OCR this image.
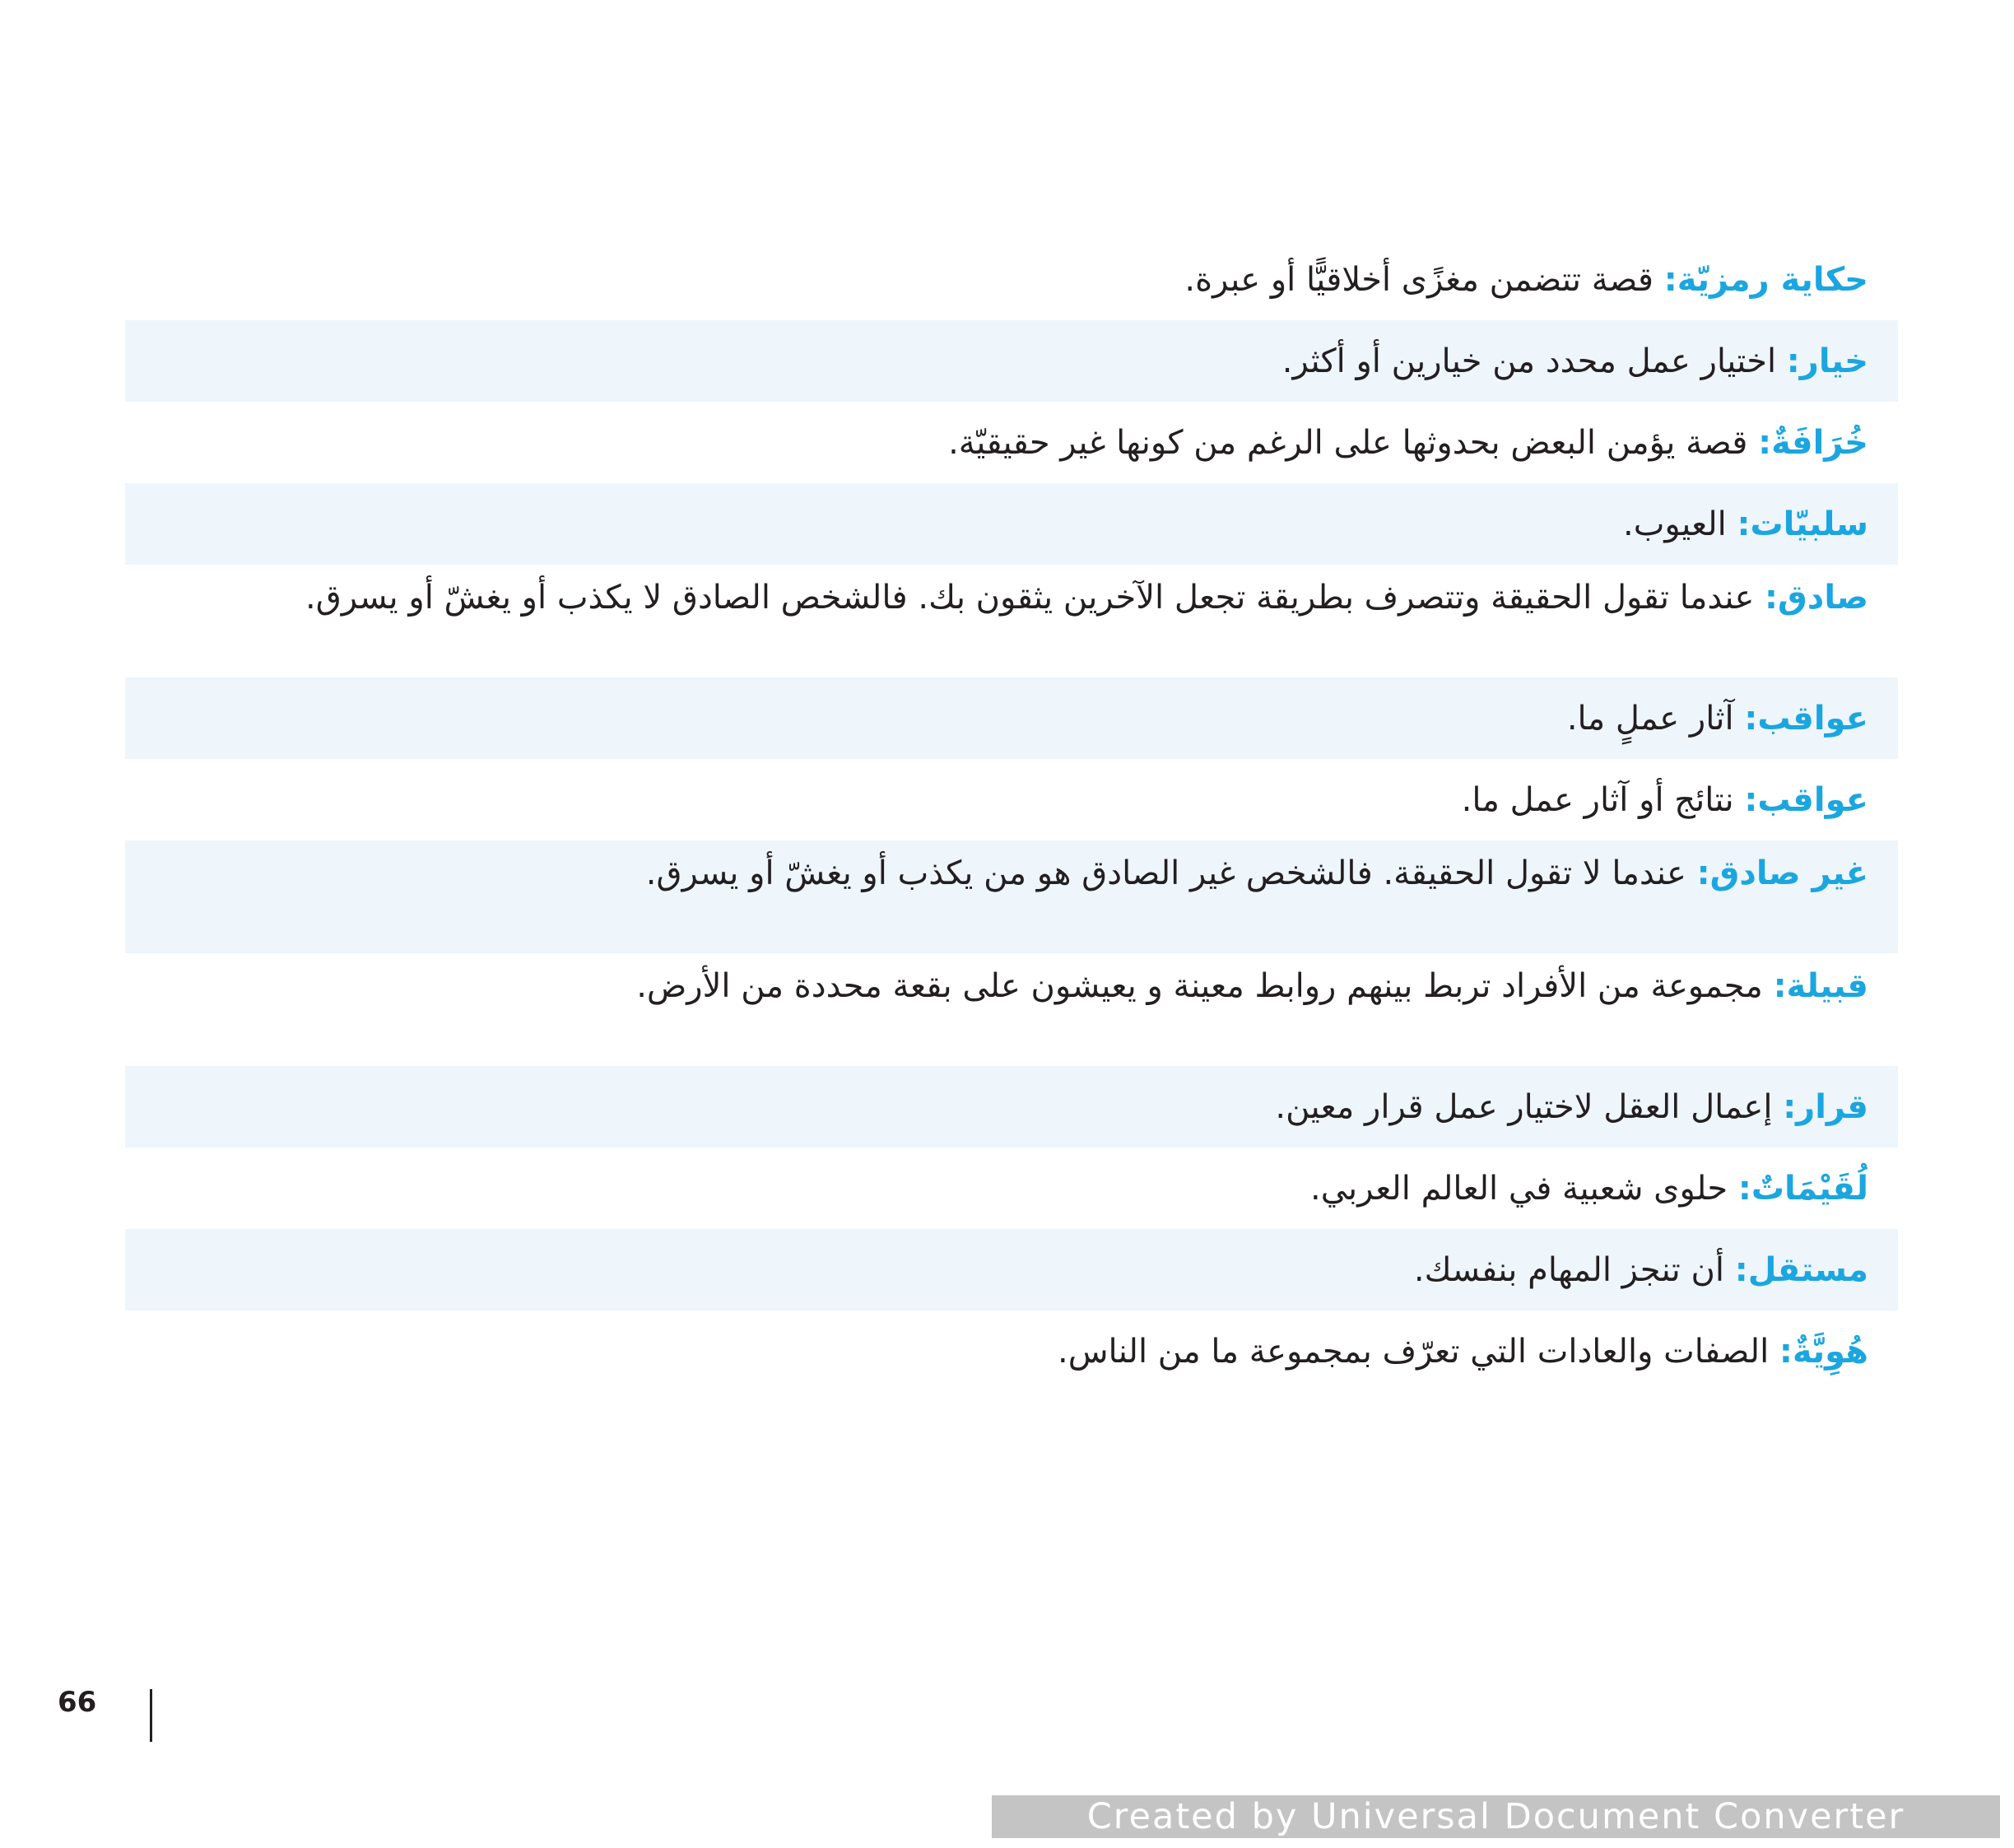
حكاية رمزيّة: قصة تتضمن مغزًى أخلاقيًّا أو عبرة.
خيار: اختيار عمل محدد من خيارين أو أكثر.
خُرَافَةٌ: قصة يؤمن البعض بحدوثها على الرغم من كونها غير حقيقيّة.
سلبيّات: العيوب.
صادق: عندما تقول الحقيقة وتتصرف بطريقة تجعل الآخرين يثقون بك. فالشخص الصادق لا يكذب أو يغشّ أو يسرق.
عواقب: آثار عملٍ ما.
عواقب: نتائج أو آثار عمل ما.
غير صادق: عندما لا تقول الحقيقة. فالشخص غير الصادق هو من يكذب أو يغشّ أو يسرق.
قبيلة: مجموعة من الأفراد تربط بينهم روابط معينة و يعيشون على بقعة محددة من الأرض.
قرار: إعمال العقل لاختيار عمل قرار معين.
لُقَيْمَاتٌ: حلوى شعبية في العالم العربي.
مستقل: أن تنجز المهام بنفسك.
هُوِيَّةٌ: الصفات والعادات التي تعرّف بمجموعة ما من الناس.
66
Created by Universal Document Converter
